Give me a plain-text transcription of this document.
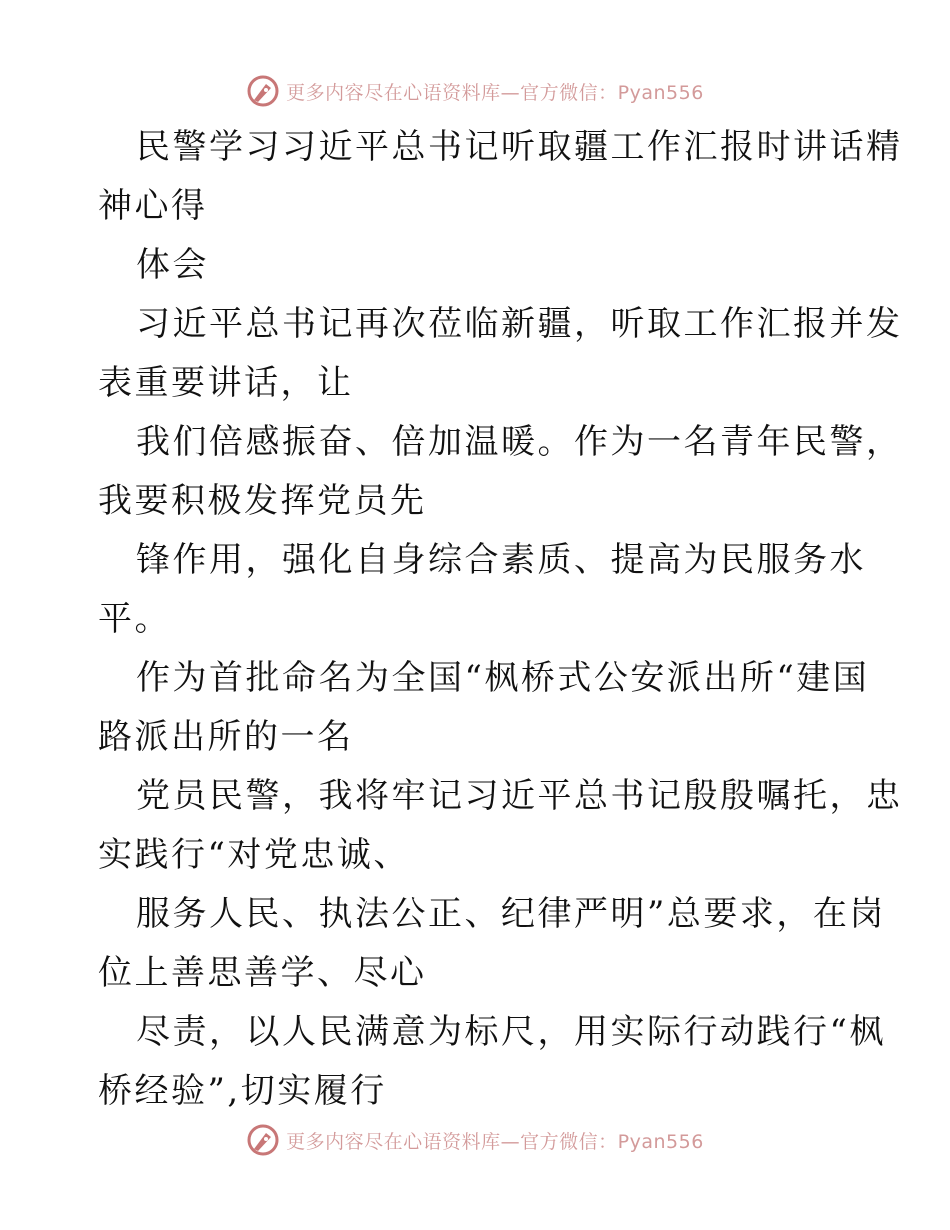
更多内容尽在心语资料库—官方微信：Pyan556
民警学习习近平总书记听取疆工作汇报时讲话精
神心得
体会
习近平总书记再次莅临新疆，听取工作汇报并发
表重要讲话，让
我们倍感振奋、倍加温暖。作为一名青年民警，
我要积极发挥党员先
锋作用，强化自身综合素质、提高为民服务水
平。
作为首批命名为全国“枫桥式公安派出所“建国
路派出所的一名
党员民警，我将牢记习近平总书记殷殷嘱托，忠
实践行“对党忠诚、
服务人民、执法公正、纪律严明”总要求，在岗
位上善思善学、尽心
尽责，以人民满意为标尺，用实际行动践行“枫
桥经验”,切实履行
更多内容尽在心语资料库—官方微信：Pyan556
